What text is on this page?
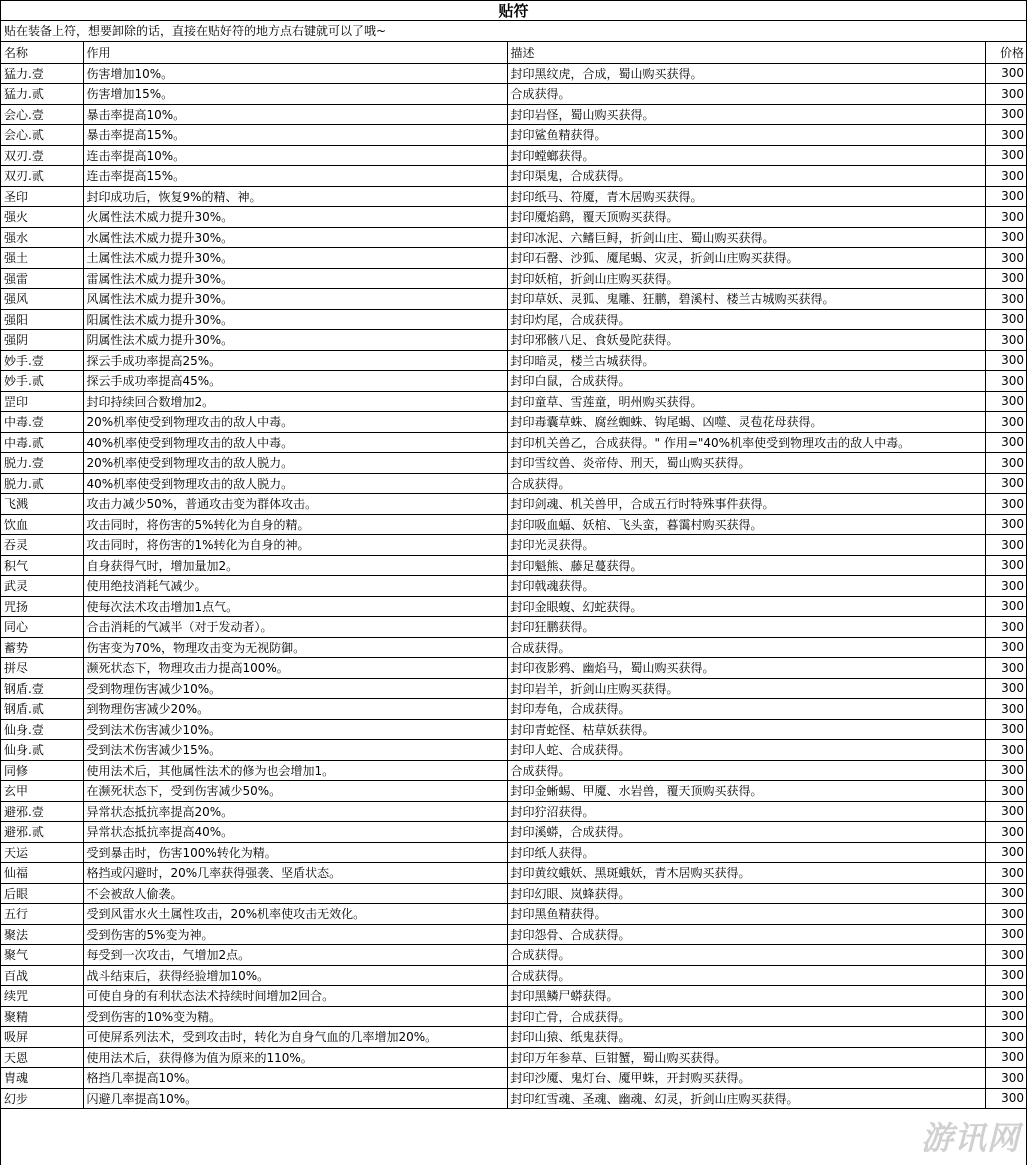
贴符
贴在装备上符，想要卸除的话，直接在贴好符的地方点右键就可以了哦~
名称	作用	描述	价格
猛力.壹	伤害增加10%。	封印黑纹虎，合成，蜀山购买获得。	300
猛力.贰	伤害增加15%。	合成获得。	300
会心.壹	暴击率提高10%。	封印岩怪，蜀山购买获得。	300
会心.贰	暴击率提高15%。	封印鲨鱼精获得。	300
双刃.壹	连击率提高10%。	封印螳螂获得。	300
双刃.贰	连击率提高15%。	封印渠鬼，合成获得。	300
圣印	封印成功后，恢复9%的精、神。	封印纸马、符魇，青木居购买获得。	300
强火	火属性法术威力提升30%。	封印魇焰鹞，覆天顶购买获得。	300
强水	水属性法术威力提升30%。	封印冰泥、六鳍巨鲟，折剑山庄、蜀山购买获得。	300
强土	土属性法术威力提升30%。	封印石罄、沙狐、魇尾蝎、灾灵，折剑山庄购买获得。	300
强雷	雷属性法术威力提升30%。	封印妖棺，折剑山庄购买获得。	300
强风	风属性法术威力提升30%。	封印草妖、灵狐、鬼雕、狂鹏，碧溪村、楼兰古城购买获得。	300
强阳	阳属性法术威力提升30%。	封印灼尾，合成获得。	300
强阴	阴属性法术威力提升30%。	封印邪骸八足、食妖曼陀获得。	300
妙手.壹	探云手成功率提高25%。	封印暗灵，楼兰古城获得。	300
妙手.贰	探云手成功率提高45%。	封印白鼠，合成获得。	300
罡印	封印持续回合数增加2。	封印童草、雪莲童，明州购买获得。	300
中毒.壹	20%机率使受到物理攻击的敌人中毒。	封印毒囊草蛛、腐丝蜘蛛、钩尾蝎、凶噬、灵苞花母获得。	300
中毒.贰	40%机率使受到物理攻击的敌人中毒。	封印机关兽乙，合成获得。" 作用="40%机率使受到物理攻击的敌人中毒。	300
脱力.壹	20%机率使受到物理攻击的敌人脱力。	封印雪纹兽、炎帝侍、刑天，蜀山购买获得。	300
脱力.贰	40%机率使受到物理攻击的敌人脱力。	合成获得。	300
飞溅	攻击力减少50%，普通攻击变为群体攻击。	封印剑魂、机关兽甲，合成五行时特殊事件获得。	300
饮血	攻击同时，将伤害的5%转化为自身的精。	封印吸血蝠、妖棺、飞头蛮，暮霭村购买获得。	300
吞灵	攻击同时，将伤害的1%转化为自身的神。	封印光灵获得。	300
积气	自身获得气时，增加量加2。	封印魁熊、藤足蔓获得。	300
武灵	使用绝技消耗气减少。	封印戟魂获得。	300
咒扬	使每次法术攻击增加1点气。	封印金眼蝮、幻蛇获得。	300
同心	合击消耗的气减半（对于发动者）。	封印狂鹏获得。	300
蓄势	伤害变为70%，物理攻击变为无视防御。	合成获得。	300
拼尽	濒死状态下，物理攻击力提高100%。	封印夜影鸦、幽焰马，蜀山购买获得。	300
钢盾.壹	受到物理伤害减少10%。	封印岩羊，折剑山庄购买获得。	300
钢盾.贰	到物理伤害减少20%。	封印寿龟，合成获得。	300
仙身.壹	受到法术伤害减少10%。	封印青蛇怪、枯草妖获得。	300
仙身.贰	受到法术伤害减少15%。	封印人蛇、合成获得。	300
同修	使用法术后，其他属性法术的修为也会增加1。	合成获得。	300
玄甲	在濒死状态下，受到伤害减少50%。	封印金蜥蜴、甲魇、水岩兽，覆天顶购买获得。	300
避邪.壹	异常状态抵抗率提高20%。	封印狞沼获得。	300
避邪.贰	异常状态抵抗率提高40%。	封印溪蟒，合成获得。	300
天运	受到暴击时，伤害100%转化为精。	封印纸人获得。	300
仙福	格挡或闪避时，20%几率获得强袭、坚盾状态。	封印黄纹蛾妖、黑斑蛾妖，青木居购买获得。	300
后眼	不会被敌人偷袭。	封印幻眼、岚蜂获得。	300
五行	受到风雷水火土属性攻击，20%机率使攻击无效化。	封印黑鱼精获得。	300
聚法	受到伤害的5%变为神。	封印怨骨、合成获得。	300
聚气	每受到一次攻击，气增加2点。	合成获得。	300
百战	战斗结束后，获得经验增加10%。	合成获得。	300
续咒	可使自身的有利状态法术持续时间增加2回合。	封印黑鳞尸蟒获得。	300
聚精	受到伤害的10%变为精。	封印亡骨，合成获得。	300
吸屏	可使屏系列法术，受到攻击时，转化为自身气血的几率增加20%。	封印山猿、纸鬼获得。	300
天恩	使用法术后，获得修为值为原来的110%。	封印万年参草、巨钳蟹，蜀山购买获得。	300
胄魂	格挡几率提高10%。	封印沙魇、鬼灯台、魇甲蛛，开封购买获得。	300
幻步	闪避几率提高10%。	封印红雪魂、圣魂、幽魂、幻灵，折剑山庄购买获得。	300
游讯网
